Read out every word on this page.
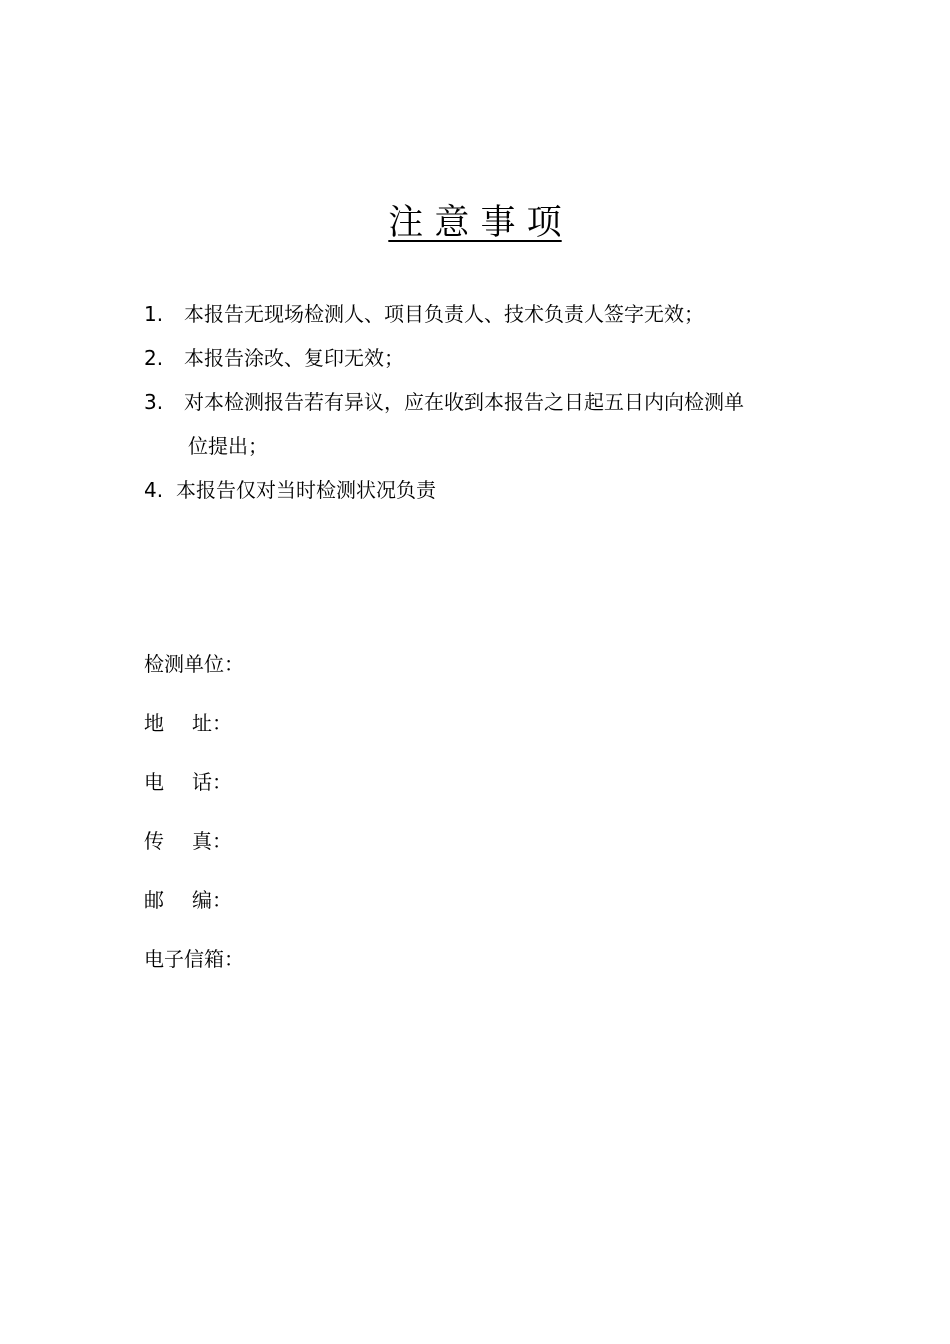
注 意 事 项
1. 本报告无现场检测人、项目负责人、技术负责人签字无效；
2. 本报告涂改、复印无效；
3. 对本检测报告若有异议，应在收到本报告之日起五日内向检测单
位提出；
4. 本报告仅对当时检测状况负责
检测单位：
地 址：
电 话：
传 真：
邮 编：
电子信箱：
